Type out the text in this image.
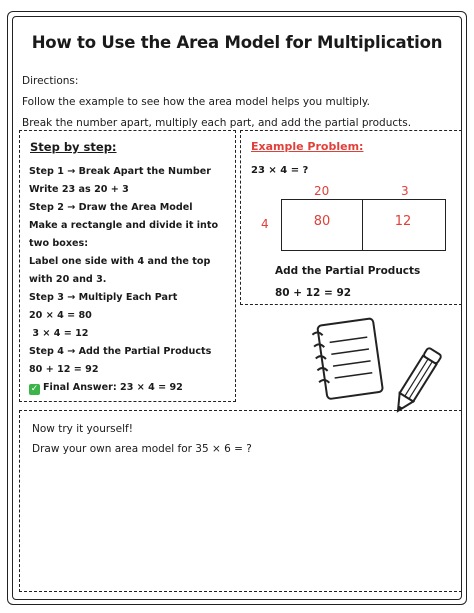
How to Use the Area Model for Multiplication
Directions:
Follow the example to see how the area model helps you multiply.
Break the number apart, multiply each part, and add the partial products.
Step by step:
Step 1 → Break Apart the Number
Write 23 as 20 + 3
Step 2 → Draw the Area Model
Make a rectangle and divide it into
two boxes:
Label one side with 4 and the top
with 20 and 3.
Step 3 → Multiply Each Part
20 × 4 = 80
3 × 4 = 12
Step 4 → Add the Partial Products
80 + 12 = 92
✓ Final Answer: 23 × 4 = 92
Example Problem:
23 × 4 = ?
20	3
4	80	12
Add the Partial Products
80 + 12 = 92
Now try it yourself!
Draw your own area model for 35 × 6 = ?
